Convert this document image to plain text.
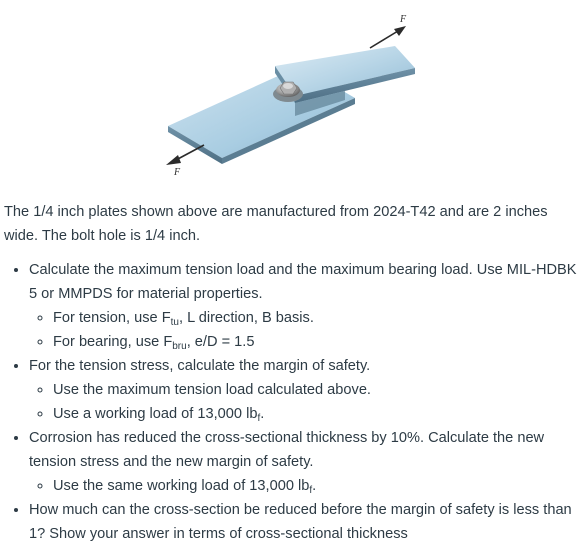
F
F

The 1/4 inch plates shown above are manufactured from 2024-T42 and are 2 inches wide. The bolt hole is 1/4 inch.

• Calculate the maximum tension load and the maximum bearing load. Use MIL-HDBK 5 or MMPDS for material properties.
◦ For tension, use $F_{tu}$, L direction, B basis.
◦ For bearing, use $F_{bru}$, e/D = 1.5
• For the tension stress, calculate the margin of safety.
◦ Use the maximum tension load calculated above.
◦ Use a working load of 13,000 $lb_f$.
• Corrosion has reduced the cross-sectional thickness by 10%. Calculate the new tension stress and the new margin of safety.
◦ Use the same working load of 13,000 $lb_f$.
• How much can the cross-section be reduced before the margin of safety is less than 1? Show your answer in terms of cross-sectional thickness
